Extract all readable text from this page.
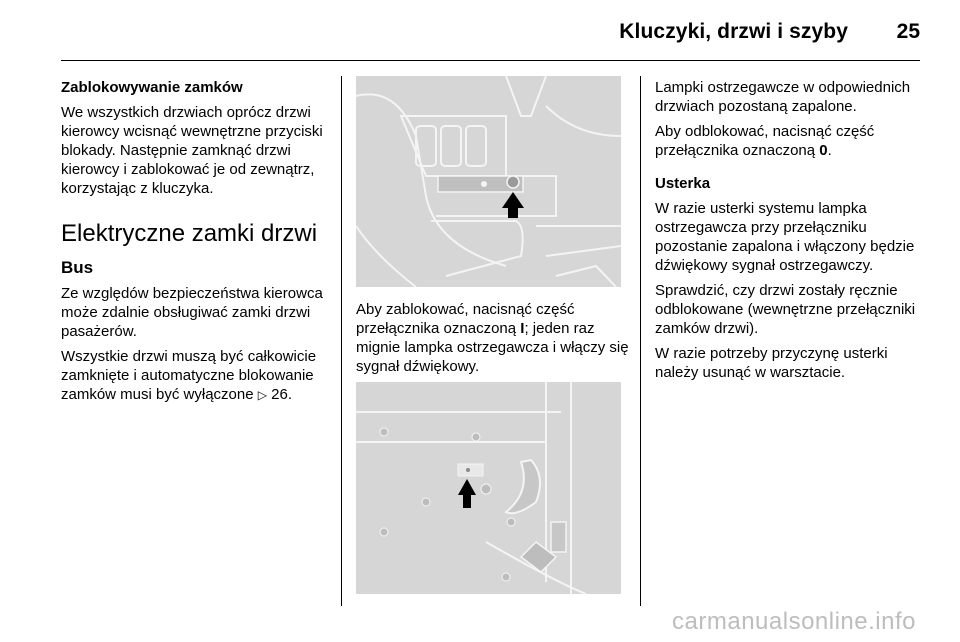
Kluczyki, drzwi i szyby 25

Zablokowywanie zamków

We wszystkich drzwiach oprócz drzwi kierowcy wcisnąć wewnętrzne przyciski blokady. Następnie zamknąć drzwi kierowcy i zablokować je od zewnątrz, korzystając z kluczyka.

Elektryczne zamki drzwi

Bus

Ze względów bezpieczeństwa kierowca może zdalnie obsługiwać zamki drzwi pasażerów.

Wszystkie drzwi muszą być całkowicie zamknięte i automatyczne blokowanie zamków musi być wyłączone ▷ 26.

Aby zablokować, nacisnąć część przełącznika oznaczoną I; jeden raz mignie lampka ostrzegawcza i włączy się sygnał dźwiękowy.

Lampki ostrzegawcze w odpowiednich drzwiach pozostaną zapalone.

Aby odblokować, nacisnąć część przełącznika oznaczoną 0.

Usterka

W razie usterki systemu lampka ostrzegawcza przy przełączniku pozostanie zapalona i włączony będzie dźwiękowy sygnał ostrzegawczy.

Sprawdzić, czy drzwi zostały ręcznie odblokowane (wewnętrzne przełączniki zamków drzwi).

W razie potrzeby przyczynę usterki należy usunąć w warsztacie.

carmanualsonline.info
